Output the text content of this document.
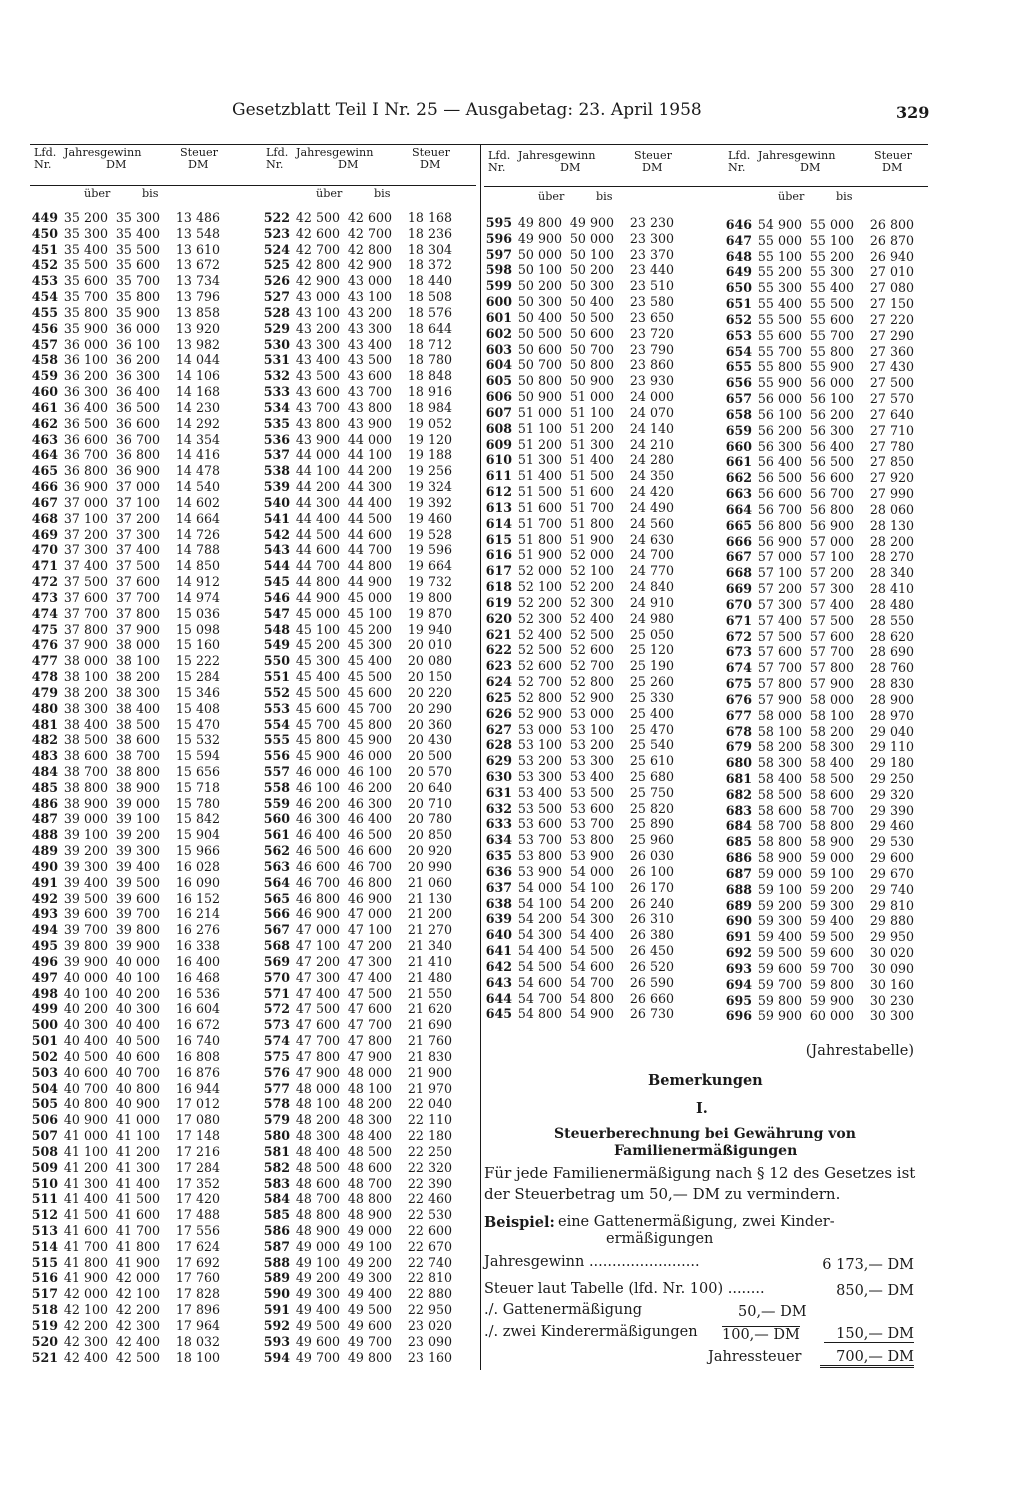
Gesetzblatt Teil I Nr. 25 — Ausgabetag: 23. April 1958	329
Lfd.
Nr.
Jahresgewinn
DM
Steuer
DM
über	bis
449 35 200 35 300	13 486
450 35 300 35 400	13 548
451 35 400 35 500	13 610
452 35 500 35 600	13 672
453 35 600 35 700	13 734
454 35 700 35 800	13 796
455 35 800 35 900	13 858
456 35 900 36 000	13 920
457 36 000 36 100	13 982
458 36 100 36 200	14 044
459 36 200 36 300	14 106
460 36 300 36 400	14 168
461 36 400 36 500	14 230
462 36 500 36 600	14 292
463 36 600 36 700	14 354
464 36 700 36 800	14 416
465 36 800 36 900	14 478
466 36 900 37 000	14 540
467 37 000 37 100	14 602
468 37 100 37 200	14 664
469 37 200 37 300	14 726
470 37 300 37 400	14 788
471 37 400 37 500	14 850
472 37 500 37 600	14 912
473 37 600 37 700	14 974
474 37 700 37 800	15 036
475 37 800 37 900	15 098
476 37 900 38 000	15 160
477 38 000 38 100	15 222
478 38 100 38 200	15 284
479 38 200 38 300	15 346
480 38 300 38 400	15 408
481 38 400 38 500	15 470
482 38 500 38 600	15 532
483 38 600 38 700	15 594
484 38 700 38 800	15 656
485 38 800 38 900	15 718
486 38 900 39 000	15 780
487 39 000 39 100	15 842
488 39 100 39 200	15 904
489 39 200 39 300	15 966
490 39 300 39 400	16 028
491 39 400 39 500	16 090
492 39 500 39 600	16 152
493 39 600 39 700	16 214
494 39 700 39 800	16 276
495 39 800 39 900	16 338
496 39 900 40 000	16 400
497 40 000 40 100	16 468
498 40 100 40 200	16 536
499 40 200 40 300	16 604
500 40 300 40 400	16 672
501 40 400 40 500	16 740
502 40 500 40 600	16 808
503 40 600 40 700	16 876
504 40 700 40 800	16 944
505 40 800 40 900	17 012
506 40 900 41 000	17 080
507 41 000 41 100	17 148
508 41 100 41 200	17 216
509 41 200 41 300	17 284
510 41 300 41 400	17 352
511 41 400 41 500	17 420
512 41 500 41 600	17 488
513 41 600 41 700	17 556
514 41 700 41 800	17 624
515 41 800 41 900	17 692
516 41 900 42 000	17 760
517 42 000 42 100	17 828
518 42 100 42 200	17 896
519 42 200 42 300	17 964
520 42 300 42 400	18 032
521 42 400 42 500	18 100
Lfd.
Nr.
Jahresgewinn
DM
Steuer
DM
über	bis
522 42 500 42 600	18 168
523 42 600 42 700	18 236
524 42 700 42 800	18 304
525 42 800 42 900	18 372
526 42 900 43 000	18 440
527 43 000 43 100	18 508
528 43 100 43 200	18 576
529 43 200 43 300	18 644
530 43 300 43 400	18 712
531 43 400 43 500	18 780
532 43 500 43 600	18 848
533 43 600 43 700	18 916
534 43 700 43 800	18 984
535 43 800 43 900	19 052
536 43 900 44 000	19 120
537 44 000 44 100	19 188
538 44 100 44 200	19 256
539 44 200 44 300	19 324
540 44 300 44 400	19 392
541 44 400 44 500	19 460
542 44 500 44 600	19 528
543 44 600 44 700	19 596
544 44 700 44 800	19 664
545 44 800 44 900	19 732
546 44 900 45 000	19 800
547 45 000 45 100	19 870
548 45 100 45 200	19 940
549 45 200 45 300	20 010
550 45 300 45 400	20 080
551 45 400 45 500	20 150
552 45 500 45 600	20 220
553 45 600 45 700	20 290
554 45 700 45 800	20 360
555 45 800 45 900	20 430
556 45 900 46 000	20 500
557 46 000 46 100	20 570
558 46 100 46 200	20 640
559 46 200 46 300	20 710
560 46 300 46 400	20 780
561 46 400 46 500	20 850
562 46 500 46 600	20 920
563 46 600 46 700	20 990
564 46 700 46 800	21 060
565 46 800 46 900	21 130
566 46 900 47 000	21 200
567 47 000 47 100	21 270
568 47 100 47 200	21 340
569 47 200 47 300	21 410
570 47 300 47 400	21 480
571 47 400 47 500	21 550
572 47 500 47 600	21 620
573 47 600 47 700	21 690
574 47 700 47 800	21 760
575 47 800 47 900	21 830
576 47 900 48 000	21 900
577 48 000 48 100	21 970
578 48 100 48 200	22 040
579 48 200 48 300	22 110
580 48 300 48 400	22 180
581 48 400 48 500	22 250
582 48 500 48 600	22 320
583 48 600 48 700	22 390
584 48 700 48 800	22 460
585 48 800 48 900	22 530
586 48 900 49 000	22 600
587 49 000 49 100	22 670
588 49 100 49 200	22 740
589 49 200 49 300	22 810
590 49 300 49 400	22 880
591 49 400 49 500	22 950
592 49 500 49 600	23 020
593 49 600 49 700	23 090
594 49 700 49 800	23 160
Lfd.
Nr.
Jahresgewinn
DM
Steuer
DM
über	bis
595 49 800 49 900	23 230
596 49 900 50 000	23 300
597 50 000 50 100	23 370
598 50 100 50 200	23 440
599 50 200 50 300	23 510
600 50 300 50 400	23 580
601 50 400 50 500	23 650
602 50 500 50 600	23 720
603 50 600 50 700	23 790
604 50 700 50 800	23 860
605 50 800 50 900	23 930
606 50 900 51 000	24 000
607 51 000 51 100	24 070
608 51 100 51 200	24 140
609 51 200 51 300	24 210
610 51 300 51 400	24 280
611 51 400 51 500	24 350
612 51 500 51 600	24 420
613 51 600 51 700	24 490
614 51 700 51 800	24 560
615 51 800 51 900	24 630
616 51 900 52 000	24 700
617 52 000 52 100	24 770
618 52 100 52 200	24 840
619 52 200 52 300	24 910
620 52 300 52 400	24 980
621 52 400 52 500	25 050
622 52 500 52 600	25 120
623 52 600 52 700	25 190
624 52 700 52 800	25 260
625 52 800 52 900	25 330
626 52 900 53 000	25 400
627 53 000 53 100	25 470
628 53 100 53 200	25 540
629 53 200 53 300	25 610
630 53 300 53 400	25 680
631 53 400 53 500	25 750
632 53 500 53 600	25 820
633 53 600 53 700	25 890
634 53 700 53 800	25 960
635 53 800 53 900	26 030
636 53 900 54 000	26 100
637 54 000 54 100	26 170
638 54 100 54 200	26 240
639 54 200 54 300	26 310
640 54 300 54 400	26 380
641 54 400 54 500	26 450
642 54 500 54 600	26 520
643 54 600 54 700	26 590
644 54 700 54 800	26 660
645 54 800 54 900	26 730
Lfd.
Nr.
Jahresgewinn
DM
Steuer
DM
über	bis
646 54 900 55 000	26 800
647 55 000 55 100	26 870
648 55 100 55 200	26 940
649 55 200 55 300	27 010
650 55 300 55 400	27 080
651 55 400 55 500	27 150
652 55 500 55 600	27 220
653 55 600 55 700	27 290
654 55 700 55 800	27 360
655 55 800 55 900	27 430
656 55 900 56 000	27 500
657 56 000 56 100	27 570
658 56 100 56 200	27 640
659 56 200 56 300	27 710
660 56 300 56 400	27 780
661 56 400 56 500	27 850
662 56 500 56 600	27 920
663 56 600 56 700	27 990
664 56 700 56 800	28 060
665 56 800 56 900	28 130
666 56 900 57 000	28 200
667 57 000 57 100	28 270
668 57 100 57 200	28 340
669 57 200 57 300	28 410
670 57 300 57 400	28 480
671 57 400 57 500	28 550
672 57 500 57 600	28 620
673 57 600 57 700	28 690
674 57 700 57 800	28 760
675 57 800 57 900	28 830
676 57 900 58 000	28 900
677 58 000 58 100	28 970
678 58 100 58 200	29 040
679 58 200 58 300	29 110
680 58 300 58 400	29 180
681 58 400 58 500	29 250
682 58 500 58 600	29 320
683 58 600 58 700	29 390
684 58 700 58 800	29 460
685 58 800 58 900	29 530
686 58 900 59 000	29 600
687 59 000 59 100	29 670
688 59 100 59 200	29 740
689 59 200 59 300	29 810
690 59 300 59 400	29 880
691 59 400 59 500	29 950
692 59 500 59 600	30 020
693 59 600 59 700	30 090
694 59 700 59 800	30 160
695 59 800 59 900	30 230
696 59 900 60 000	30 300
(Jahrestabelle)
Bemerkungen
I.
Steuerberechnung bei Gewährung von
Familienermäßigungen
Für jede Familienermäßigung nach § 12 des Gesetzes ist
der Steuerbetrag um 50,— DM zu vermindern.
Beispiel: eine Gattenermäßigung, zwei Kinder-
ermäßigungen
Jahresgewinn ........................	6 173,— DM
Steuer laut Tabelle (lfd. Nr. 100) ........	850,— DM
./. Gattenermäßigung	50,— DM
./. zwei Kinderermäßigungen 100,— DM	150,— DM
Jahressteuer	700,— DM
